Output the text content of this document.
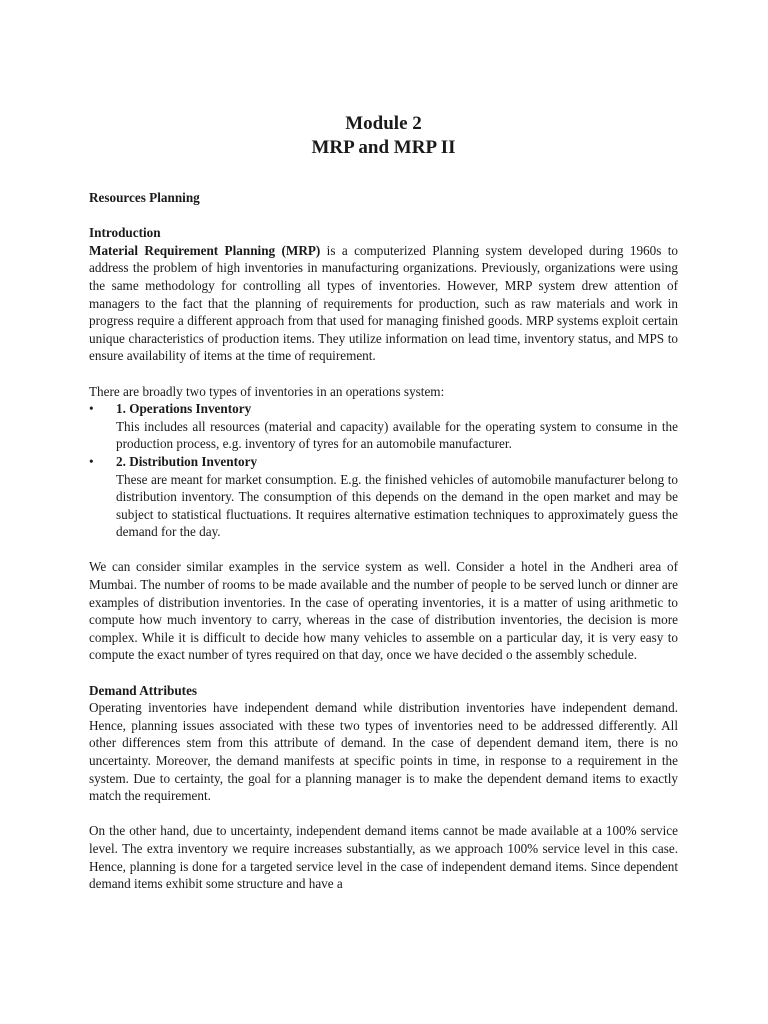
Module 2
MRP and MRP II

Resources Planning

Introduction

Material Requirement Planning (MRP) is a computerized Planning system developed during 1960s to address the problem of high inventories in manufacturing organizations. Previously, organizations were using the same methodology for controlling all types of inventories. However, MRP system drew attention of managers to the fact that the planning of requirements for production, such as raw materials and work in progress require a different approach from that used for managing finished goods. MRP systems exploit certain unique characteristics of production items. They utilize information on lead time, inventory status, and MPS to ensure availability of items at the time of requirement.

There are broadly two types of inventories in an operations system:

• 1. Operations Inventory

This includes all resources (material and capacity) available for the operating system to consume in the production process, e.g. inventory of tyres for an automobile manufacturer.

• 2. Distribution Inventory

These are meant for market consumption. E.g. the finished vehicles of automobile manufacturer belong to distribution inventory. The consumption of this depends on the demand in the open market and may be subject to statistical fluctuations. It requires alternative estimation techniques to approximately guess the demand for the day.

We can consider similar examples in the service system as well. Consider a hotel in the Andheri area of Mumbai. The number of rooms to be made available and the number of people to be served lunch or dinner are examples of distribution inventories. In the case of operating inventories, it is a matter of using arithmetic to compute how much inventory to carry, whereas in the case of distribution inventories, the decision is more complex. While it is difficult to decide how many vehicles to assemble on a particular day, it is very easy to compute the exact number of tyres required on that day, once we have decided o the assembly schedule.

Demand Attributes

Operating inventories have independent demand while distribution inventories have independent demand. Hence, planning issues associated with these two types of inventories need to be addressed differently. All other differences stem from this attribute of demand. In the case of dependent demand item, there is no uncertainty. Moreover, the demand manifests at specific points in time, in response to a requirement in the system. Due to certainty, the goal for a planning manager is to make the dependent demand items to exactly match the requirement.

On the other hand, due to uncertainty, independent demand items cannot be made available at a 100% service level. The extra inventory we require increases substantially, as we approach 100% service level in this case. Hence, planning is done for a targeted service level in the case of independent demand items. Since dependent demand items exhibit some structure and have a
